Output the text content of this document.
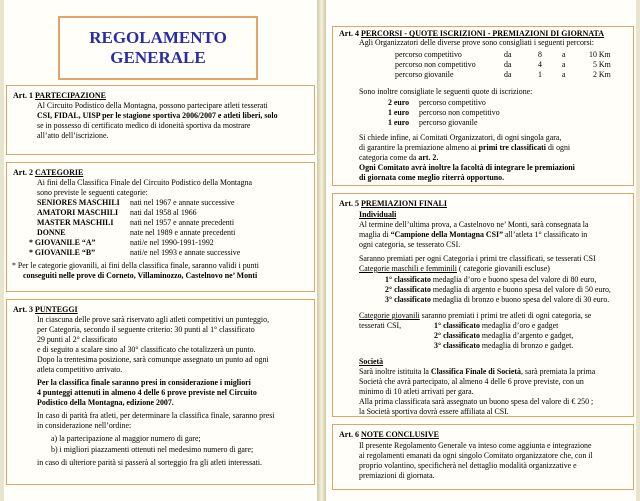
REGOLAMENTO
GENERALE
Art. 1 PARTECIPAZIONE
Al Circuito Podistico della Montagna, possono partecipare atleti tesserati
CSI, FIDAL, UISP per le stagione sportiva 2006/2007 e atleti liberi, solo
se in possesso di certificato medico di idoneità sportiva da mostrare
all’atto dell’iscrizione.
Art. 2 CATEGORIE
Ai fini della Classifica Finale del Circuito Podistico della Montagna
sono previste le seguenti categorie:
SENIORES MASCHILI nati nel 1967 e annate successive
AMATORI MASCHILI nati dal 1958 al 1966
MASTER MASCHILI nati nel 1957 e annate precedenti
DONNE	nate nel 1989 e annate precedenti
* GIOVANILE “A”	nati/e nel 1990-1991-1992
* GIOVANILE “B”	nati/e nel 1993 e annate successive
* Per le categorie giovanili, ai fini della classifica finale, saranno validi i punti
conseguiti nelle prove di Corneto, Villaminozzo, Castelnovo ne’ Monti
Art. 3 PUNTEGGI
In ciascuna delle prove sarà riservato agli atleti competitivi un punteggio,
per Categoria, secondo il seguente criterio: 30 punti al 1° classificato
29 punti al 2° classificato
e di seguito a scalare sino al 30° classificato che totalizzerà un punto.
Dopo la trentesima posizione, sarà comunque assegnato un punto ad ogni
atleta competitivo arrivato.
Per la classifica finale saranno presi in considerazione i migliori
4 punteggi attenuti in almeno 4 delle 6 prove previste nel Circuito
Podistico della Montagna, edizione 2007.
In caso di parità fra atleti, per determinare la classifica finale, saranno presi
in considerazione nell’ordine:
a) la partecipazione al maggior numero di gare;
b) i migliori piazzamenti ottenuti nel medesimo numero di gare;
in caso di ulteriore parità si passerà al sorteggio fra gli atleti interessati.
Art. 4 PERCORSI - QUOTE ISCRIZIONI - PREMIAZIONI DI GIORNATA
Agli Organizzatori delle diverse prove sono consigliati i seguenti percorsi:
percorso competitivo	da	8	a	10 Km
percorso non competitivo	da	4	a	5 Km
percorso giovanile	da	1	a	2 Km
Sono inoltre consigliate le seguenti quote di iscrizione:
2 euro percorso competitivo
1 euro percorso non competitivo
1 euro percorso giovanile
Si chiede infine, ai Comitati Organizzatori, di ogni singola gara,
di garantire la premiazione almeno ai primi tre classificati di ogni
categoria come da art. 2.
Ogni Comitato avrà inoltre la facoltà di integrare le premiazioni
di giornata come meglio riterrà opportuno.
Art. 5 PREMIAZIONI FINALI
Individuali
Al termine dell’ultima prova, a Castelnovo ne’ Monti, sarà consegnata la
maglia di “Campione della Montagna CSI” all’atleta 1° classificato in
ogni categoria, se tesserato CSI.
Saranno premiati per ogni Categoria i primi tre classificati, se tesserati CSI
Categorie maschili e femminili ( categorie giovanili escluse)
1° classificato medaglia d’oro e buono spesa del valore di 80 euro,
2° classificato medaglia di argento e buono spesa del valore di 50 euro,
3° classificato medaglia di bronzo e buono spesa del valore di 30 euro.
Categorie giovanili saranno premiati i primi tre atleti di ogni categoria, se
tesserati CSI,	1° classificato medaglia d’oro e gadget
2° classificato medaglia d’argento e gadget,
3° classificato medaglia di bronzo e gadget.
Società
Sarà inoltre istituita la Classifica Finale di Società, sarà premiata la prima
Società che avrà partecipato, al almeno 4 delle 6 prove previste, con un
minimo di 10 atleti arrivati per gara.
Alla prima classificata sarà assegnato un buono spesa del valore di € 250 ;
la Società sportiva dovrà essere affiliata al CSI.
Art. 6 NOTE CONCLUSIVE
Il presente Regolamento Generale va inteso come aggiunta e integrazione
ai regolamenti emanati da ogni singolo Comitato organizzatore che, con il
proprio volantino, specificherà nel dettaglio modalità organizzative e
premiazioni di giornata.
